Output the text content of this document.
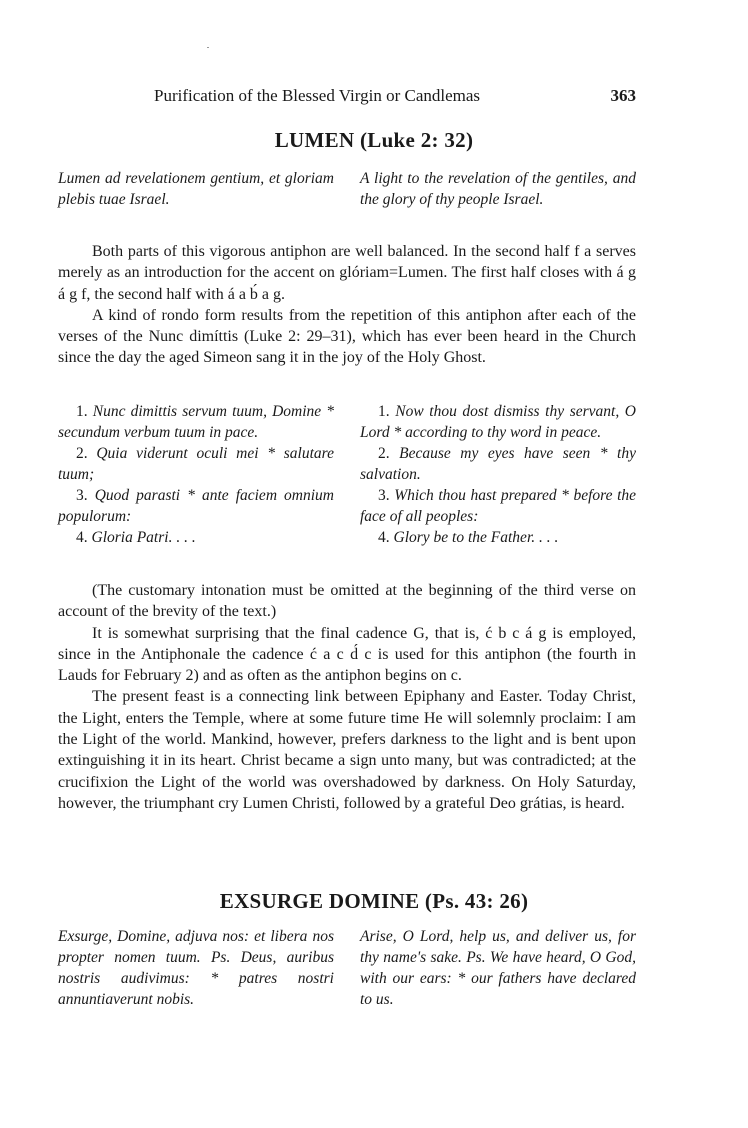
Purification of the Blessed Virgin or Candlemas	363
LUMEN (Luke 2: 32)
Lumen ad revelationem gentium, et gloriam plebis tuae Israel.
A light to the revelation of the gentiles, and the glory of thy people Israel.

Both parts of this vigorous antiphon are well balanced. In the second half f a serves merely as an introduction for the accent on glóriam=Lumen. The first half closes with á g á g f, the second half with á a b́ a g.

A kind of rondo form results from the repetition of this antiphon after each of the verses of the Nunc dimíttis (Luke 2: 29–31), which has ever been heard in the Church since the day the aged Simeon sang it in the joy of the Holy Ghost.

1. Nunc dimittis servum tuum, Domine * secundum verbum tuum in pace.

2. Quia viderunt oculi mei * salutare tuum;

3. Quod parasti * ante faciem omnium populorum:

4. Gloria Patri. . . .

1. Now thou dost dismiss thy servant, O Lord * according to thy word in peace.

2. Because my eyes have seen * thy salvation.

3. Which thou hast prepared * before the face of all peoples:

4. Glory be to the Father. . . .

(The customary intonation must be omitted at the beginning of the third verse on account of the brevity of the text.)

It is somewhat surprising that the final cadence G, that is, ć b c á g is employed, since in the Antiphonale the cadence ć a c d́ c is used for this antiphon (the fourth in Lauds for February 2) and as often as the antiphon begins on c.

The present feast is a connecting link between Epiphany and Easter. Today Christ, the Light, enters the Temple, where at some future time He will solemnly proclaim: I am the Light of the world. Mankind, however, prefers darkness to the light and is bent upon extinguishing it in its heart. Christ became a sign unto many, but was contradicted; at the crucifixion the Light of the world was overshadowed by darkness. On Holy Saturday, however, the triumphant cry Lumen Christi, followed by a grateful Deo grátias, is heard.

EXSURGE DOMINE (Ps. 43: 26)
Exsurge, Domine, adjuva nos: et libera nos propter nomen tuum. Ps. Deus, auribus nostris audivimus: * patres nostri annuntiaverunt nobis.
Arise, O Lord, help us, and deliver us, for thy name's sake. Ps. We have heard, O God, with our ears: * our fathers have declared to us.
